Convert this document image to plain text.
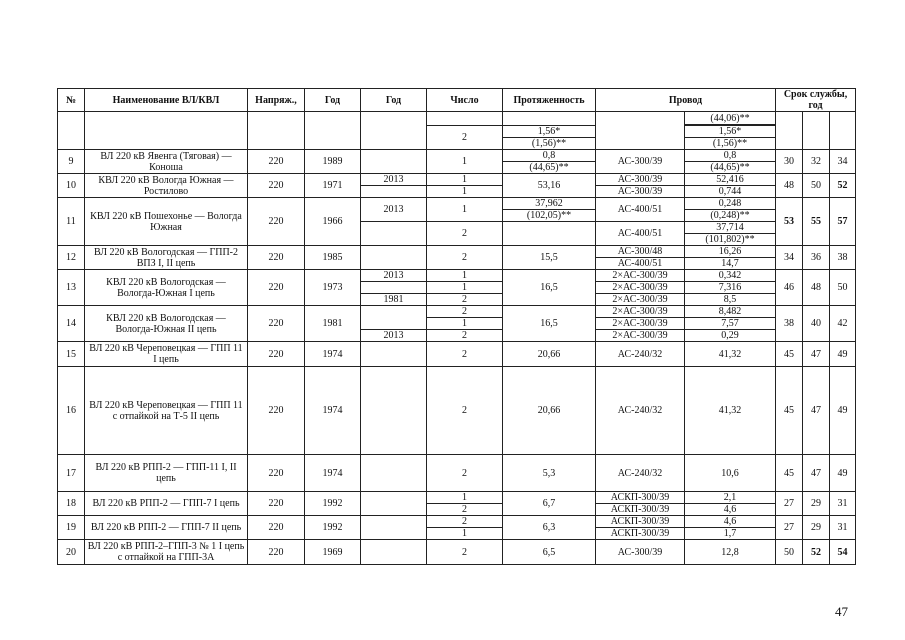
№	Наименование ВЛ/КВЛ	Напряж.,	Год	Год	Число	Протяженность	Провод		Срок службы, год		
								(44,06)**			

					2	1,56*		1,56*			
						(1,56)**		(1,56)**			
9	ВЛ 220 кВ Явенга (Тяговая) — Коноша	220	1989		1	0,8	АС-300/39	0,8	30	32	34
						(44,65)**		(44,65)**			
10	КВЛ 220 кВ Вологда Южная — Ростилово	220	1971	2013	1	53,16	АС-300/39	52,416	48	50	52
					1		АС-300/39	0,744			
11	КВЛ 220 кВ Пошехонье — Вологда Южная	220	1966	2013	1	37,962	АС-400/51	0,248	53	55	57
						(102,05)**		(0,248)**			
					2		АС-400/51	37,714			
								(101,802)**			
12	ВЛ 220 кВ Вологодская — ГПП-2 ВПЗ I, II цепь	220	1985		2	15,5	АС-300/48	16,26	34	36	38
							АС-400/51	14,7			
13	КВЛ 220 кВ Вологодская — Вологда-Южная I цепь	220	1973	2013	1	16,5	2×АС-300/39	0,342	46	48	50
					1		2×АС-300/39	7,316			
				1981	2		2×АС-300/39	8,5			
14	КВЛ 220 кВ Вологодская — Вологда-Южная II цепь	220	1981		2	16,5	2×АС-300/39	8,482	38	40	42
					1		2×АС-300/39	7,57			
				2013	2		2×АС-300/39	0,29			
15	ВЛ 220 кВ Череповецкая — ГПП 11 I цепь	220	1974		2	20,66	АС-240/32	41,32	45	47	49
16	ВЛ 220 кВ Череповецкая — ГПП 11 с отпайкой на Т-5 II цепь	220	1974		2	20,66	АС-240/32	41,32	45	47	49
17	ВЛ 220 кВ РПП-2 — ГПП-11 I, II цепь	220	1974		2	5,3	АС-240/32	10,6	45	47	49
18	ВЛ 220 кВ РПП-2 — ГПП-7 I цепь	220	1992		1	6,7	АСКП-300/39	2,1	27	29	31
					2		АСКП-300/39	4,6			
19	ВЛ 220 кВ РПП-2 — ГПП-7 II цепь	220	1992		2	6,3	АСКП-300/39	4,6	27	29	31
					1		АСКП-300/39	1,7			
20	ВЛ 220 кВ РПП-2–ГПП-3 № 1 I цепь с отпайкой на ГПП-3А	220	1969		2	6,5	АС-300/39	12,8	50	52	54
47
